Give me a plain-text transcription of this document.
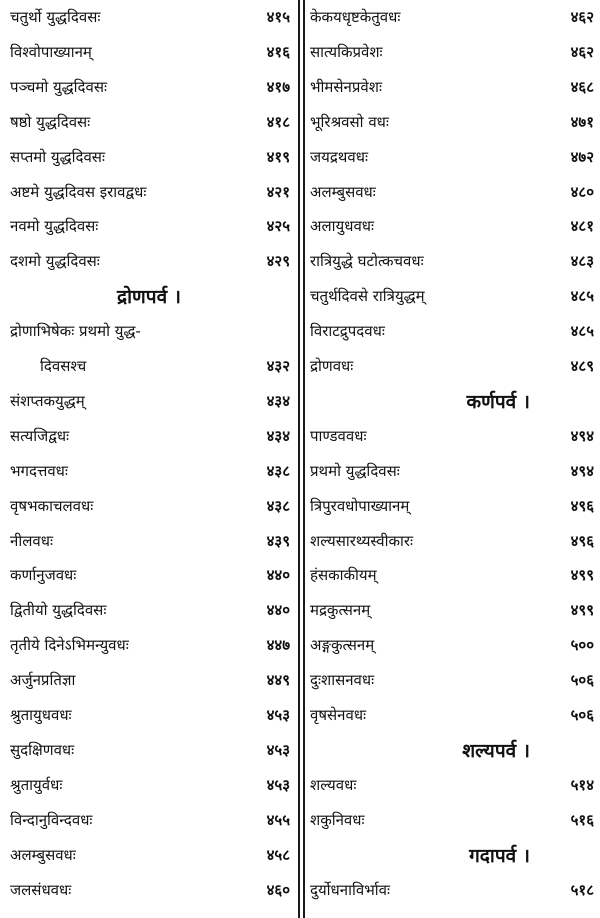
चतुर्थो युद्धदिवसः	४१५
विश्वोपाख्यानम्	४१६
पञ्चमो युद्धदिवसः	४१७
षष्ठो युद्धदिवसः	४१८
सप्तमो युद्धदिवसः	४१९
अष्टमे युद्धदिवस इरावद्वधः	४२१
नवमो युद्धदिवसः	४२५
दशमो युद्धदिवसः	४२९
द्रोणपर्व ।
द्रोणाभिषेकः प्रथमो युद्ध-
दिवसश्च	४३२
संशप्तकयुद्धम्	४३४
सत्यजिद्वधः	४३४
भगदत्तवधः	४३८
वृषभकाचलवधः	४३८
नीलवधः	४३९
कर्णानुजवधः	४४०
द्वितीयो युद्धदिवसः	४४०
तृतीये दिनेऽभिमन्युवधः	४४७
अर्जुनप्रतिज्ञा	४४९
श्रुतायुधवधः	४५३
सुदक्षिणवधः	४५३
श्रुतायुर्वधः	४५३
विन्दानुविन्दवधः	४५५
अलम्बुसवधः	४५८
जलसंधवधः	४६०
केकयधृष्टकेतुवधः	४६२
सात्यकिप्रवेशः	४६२
भीमसेनप्रवेशः	४६८
भूरिश्रवसो वधः	४७१
जयद्रथवधः	४७२
अलम्बुसवधः	४८०
अलायुधवधः	४८१
रात्रियुद्धे घटोत्कचवधः	४८३
चतुर्थदिवसे रात्रियुद्धम्	४८५
विराटद्रुपदवधः	४८५
द्रोणवधः	४८९
कर्णपर्व ।
पाण्डववधः	४९४
प्रथमो युद्धदिवसः	४९४
त्रिपुरवधोपाख्यानम्	४९६
शल्यसारथ्यस्वीकारः	४९६
हंसकाकीयम्	४९९
मद्रकुत्सनम्	४९९
अङ्गकुत्सनम्	५००
दुःशासनवधः	५०६
वृषसेनवधः	५०६
शल्यपर्व ।
शल्यवधः	५१४
शकुनिवधः	५१६
गदापर्व ।
दुर्योधनाविर्भावः	५१८
